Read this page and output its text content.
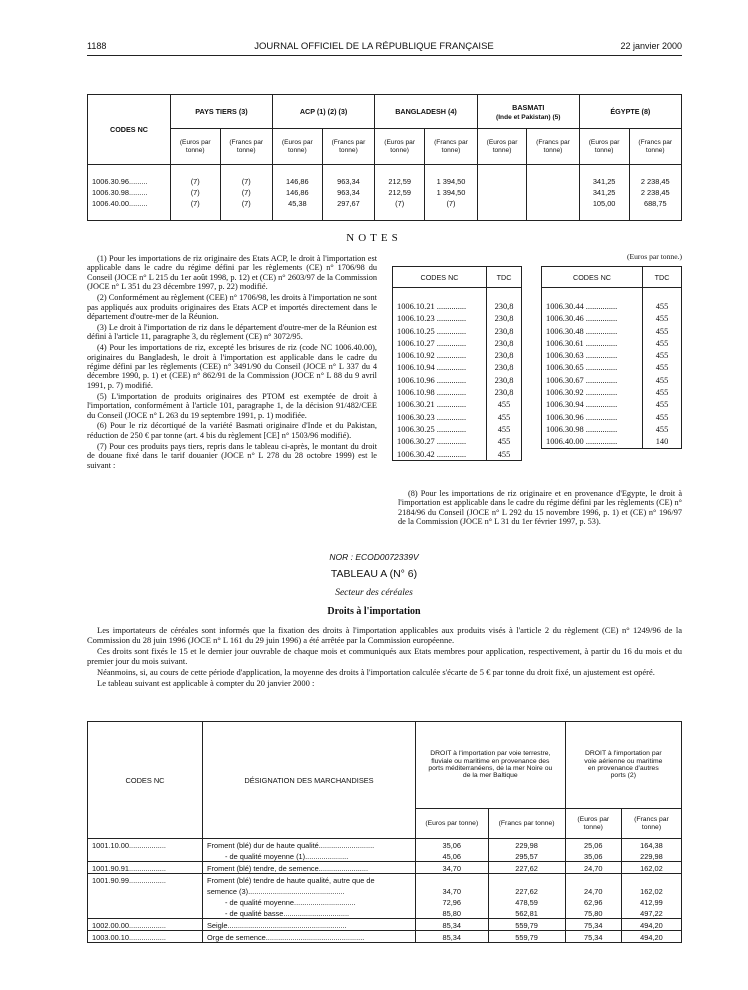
1188	JOURNAL OFFICIEL DE LA RÉPUBLIQUE FRANÇAISE	22 janvier 2000
CODES NC	PAYS TIERS (3)		ACP (1) (2) (3)		BANGLADESH (4)		BASMATI
(Inde et Pakistan) (5)		ÉGYPTE (8)	
	(Euros par tonne)	(Francs par tonne)	(Euros par tonne)	(Francs par tonne)	(Euros par tonne)	(Francs par tonne)	(Euros par tonne)	(Francs par tonne)	(Euros par tonne)	(Francs par tonne)

1006.30.96.........	(7)	(7)	146,86	963,34	212,59	1 394,50			341,25	2 238,45
1006.30.98.........	(7)	(7)	146,86	963,34	212,59	1 394,50			341,25	2 238,45
1006.40.00.........	(7)	(7)	45,38	297,67	(7)	(7)			105,00	688,75

NOTES

(1) Pour les importations de riz originaire des Etats ACP, le droit à l'importation est applicable dans le cadre du régime défini par les règlements (CE) n° 1706/98 du Conseil (JOCE n° L 215 du 1er août 1998, p. 12) et (CE) n° 2603/97 de la Commission (JOCE n° L 351 du 23 décembre 1997, p. 22) modifié.

(2) Conformément au règlement (CEE) n° 1706/98, les droits à l'importation ne sont pas appliqués aux produits originaires des Etats ACP et importés directement dans le département d'outre-mer de la Réunion.

(3) Le droit à l'importation de riz dans le département d'outre-mer de la Réunion est défini à l'article 11, paragraphe 3, du règlement (CE) n° 3072/95.

(4) Pour les importations de riz, excepté les brisures de riz (code NC 1006.40.00), originaires du Bangladesh, le droit à l'importation est applicable dans le cadre du régime défini par les règlements (CEE) n° 3491/90 du Conseil (JOCE n° L 337 du 4 décembre 1990, p. 1) et (CEE) n° 862/91 de la Commission (JOCE n° L 88 du 9 avril 1991, p. 7) modifié.

(5) L'importation de produits originaires des PTOM est exemptée de droit à l'importation, conformément à l'article 101, paragraphe 1, de la décision 91/482/CEE du Conseil (JOCE n° L 263 du 19 septembre 1991, p. 1) modifiée.

(6) Pour le riz décortiqué de la variété Basmati originaire d'Inde et du Pakistan, réduction de 250 € par tonne (art. 4 bis du règlement [CE] n° 1503/96 modifié).

(7) Pour ces produits pays tiers, repris dans le tableau ci-après, le montant du droit de douane fixé dans le tarif douanier (JOCE n° L 278 du 28 octobre 1999) est le suivant :

(Euros par tonne.)
CODES NC	TDC

1006.10.21 ..............	230,8
1006.10.23 ..............	230,8
1006.10.25 ..............	230,8
1006.10.27 ..............	230,8
1006.10.92 ..............	230,8
1006.10.94 ..............	230,8
1006.10.96 ..............	230,8
1006.10.98 ..............	230,8
1006.30.21 ..............	455
1006.30.23 ..............	455
1006.30.25 ..............	455
1006.30.27 ..............	455
1006.30.42 ..............	455
CODES NC	TDC

1006.30.44 ...............	455
1006.30.46 ...............	455
1006.30.48 ...............	455
1006.30.61 ...............	455
1006.30.63 ...............	455
1006.30.65 ...............	455
1006.30.67 ...............	455
1006.30.92 ...............	455
1006.30.94 ...............	455
1006.30.96 ...............	455
1006.30.98 ...............	455
1006.40.00 ...............	140
(8) Pour les importations de riz originaire et en provenance d'Egypte, le droit à l'importation est applicable dans le cadre du régime défini par les règlements (CE) n° 2184/96 du Conseil (JOCE n° L 292 du 15 novembre 1996, p. 1) et (CE) n° 196/97 de la Commission (JOCE n° L 31 du 1er février 1997, p. 53).
NOR : ECOD0072339V
TABLEAU A (N° 6)
Secteur des céréales
Droits à l'importation

Les importateurs de céréales sont informés que la fixation des droits à l'importation applicables aux produits visés à l'article 2 du règlement (CE) n° 1249/96 de la Commission du 28 juin 1996 (JOCE n° L 161 du 29 juin 1996) a été arrêtée par la Commission européenne.

Ces droits sont fixés le 15 et le dernier jour ouvrable de chaque mois et communiqués aux Etats membres pour application, respectivement, à partir du 16 du mois et du premier jour du mois suivant.

Néanmoins, si, au cours de cette période d'application, la moyenne des droits à l'importation calculée s'écarte de 5 € par tonne du droit fixé, un ajustement est opéré.

Le tableau suivant est applicable à compter du 20 janvier 2000 :

CODES NC	DÉSIGNATION DES MARCHANDISES	DROIT à l'importation par voie terrestre, fluviale ou maritime en provenance des ports méditerranéens, de la mer Noire ou de la mer Baltique		DROIT à l'importation par voie aérienne ou maritime en provenance d'autres ports (2)	
		(Euros par tonne)	(Francs par tonne)	(Euros par tonne)	(Francs par tonne)
1001.10.00..................	Froment (blé) dur de haute qualité...........................	35,06	229,98	25,06	164,38
	- de qualité moyenne (1).....................	45,06	295,57	35,06	229,98
1001.90.91..................	Froment (blé) tendre, de semence........................	34,70	227,62	24,70	162,02
1001.90.99..................	Froment (blé) tendre de haute qualité, autre que de				
	semence (3)...............................................	34,70	227,62	24,70	162,02
	- de qualité moyenne..............................	72,96	478,59	62,96	412,99
	- de qualité basse................................	85,80	562,81	75,80	497,22
1002.00.00..................	Seigle..........................................................	85,34	559,79	75,34	494,20
1003.00.10..................	Orge de semence................................................	85,34	559,79	75,34	494,20
